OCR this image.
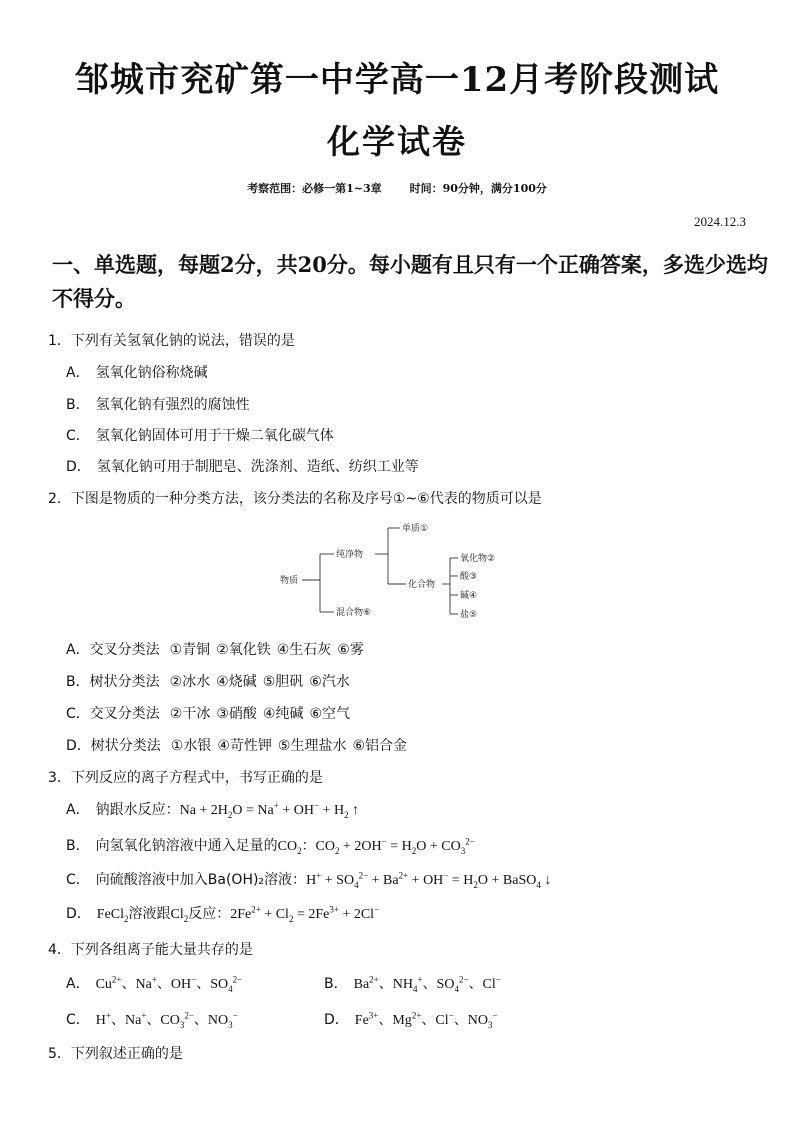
邹城市兖矿第一中学高一12月考阶段测试
化学试卷
考察范围：必修一第1~3章	时间：90分钟，满分100分
2024.12.3
一、单选题，每题2分，共20分。每小题有且只有一个正确答案，多选少选均不得分。
1．下列有关氢氧化钠的说法，错误的是
A． 氢氧化钠俗称烧碱
B． 氢氧化钠有强烈的腐蚀性
C． 氢氧化钠固体可用于干燥二氧化碳气体
D． 氢氧化钠可用于制肥皂、洗涤剂、造纸、纺织工业等
2．下图是物质的一种分类方法，该分类法的名称及序号①~⑥代表的物质可以是
物质
纯净物
混合物⑥
单质①
化合物
氧化物②
酸③
碱④
盐⑤
A．交叉分类法 ①青铜 ②氧化铁 ④生石灰 ⑥雾
B．树状分类法 ②冰水 ④烧碱 ⑤胆矾 ⑥汽水
C．交叉分类法 ②干冰 ③硝酸 ④纯碱 ⑥空气
D．树状分类法 ①水银 ④苛性钾 ⑤生理盐水 ⑥铝合金
3．下列反应的离子方程式中，书写正确的是
A． 钠跟水反应：$Na + 2H_2O = Na^+ + OH^- + H_2$ ↑
B． 向氢氧化钠溶液中通入足量的$CO_2$：$CO_2 + 2OH^- = H_2O + CO_3^{2-}$
C． 向硫酸溶液中加入Ba(OH)₂溶液：$H^+ + SO_4^{2-} + Ba^{2+} + OH^- = H_2O$ + BaSO$_4$ ↓
D． FeCl$_2$溶液跟$Cl_2$反应：$2Fe^{2+} + Cl_2 = 2Fe^{3+} + 2Cl^-$
4．下列各组离子能大量共存的是
A． $Cu^{2+}$、Na+、OH−、$SO_4^{2-}$	B． $Ba^{2+}$、$NH_4^+$、$SO_4^{2-}$、Cl−
C． H+、Na+、$CO_3^{2-}$、$NO_3^-$	D． $Fe^{3+}$、$Mg^{2+}$、Cl−、$NO_3^-$
5．下列叙述正确的是
